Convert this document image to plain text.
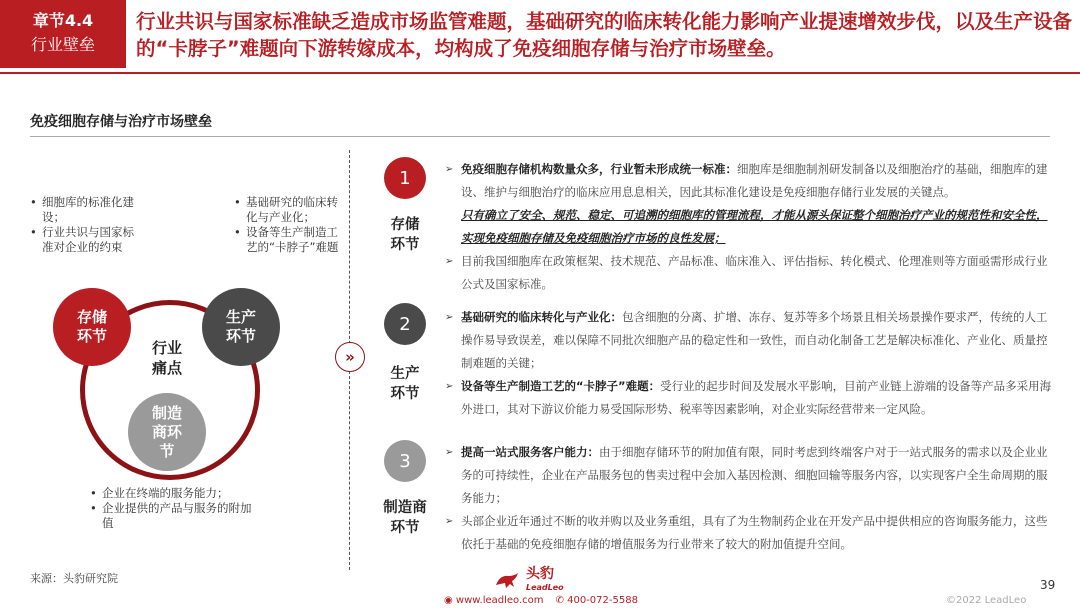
章节4.4
行业壁垒
行业共识与国家标准缺乏造成市场监管难题，基础研究的临床转化能力影响产业提速增效步伐，以及生产设备的“卡脖子”难题向下游转嫁成本，均构成了免疫细胞存储与治疗市场壁垒。
免疫细胞存储与治疗市场壁垒
• 细胞库的标准化建设；
• 行业共识与国家标准对企业的约束
• 基础研究的临床转化与产业化；
• 设备等生产制造工艺的“卡脖子”难题
• 企业在终端的服务能力；
• 企业提供的产品与服务的附加值
行业
痛点
存储
环节
生产
环节
制造
商环
节
»
1
存储
环节

➢ 免疫细胞存储机构数量众多，行业暂未形成统一标准：细胞库是细胞制剂研发制备以及细胞治疗的基础，细胞库的建设、维护与细胞治疗的临床应用息息相关，因此其标准化建设是免疫细胞存储行业发展的关键点。

只有确立了安全、规范、稳定、可追溯的细胞库的管理流程，才能从源头保证整个细胞治疗产业的规范性和安全性，实现免疫细胞存储及免疫细胞治疗市场的良性发展；

➢ 目前我国细胞库在政策框架、技术规范、产品标准、临床准入、评估指标、转化模式、伦理准则等方面亟需形成行业公式及国家标准。

2
生产
环节

➢ 基础研究的临床转化与产业化：包含细胞的分离、扩增、冻存、复苏等多个场景且相关场景操作要求严，传统的人工操作易导致误差，难以保障不同批次细胞产品的稳定性和一致性，而自动化制备工艺是解决标准化、产业化、质量控制难题的关键；

➢ 设备等生产制造工艺的“卡脖子”难题：受行业的起步时间及发展水平影响，目前产业链上游端的设备等产品多采用海外进口，其对下游议价能力易受国际形势、税率等因素影响，对企业实际经营带来一定风险。

3
制造商
环节

➢ 提高一站式服务客户能力：由于细胞存储环节的附加值有限，同时考虑到终端客户对于一站式服务的需求以及企业业务的可持续性，企业在产品服务包的售卖过程中会加入基因检测、细胞回输等服务内容，以实现客户全生命周期的服务能力；

➢ 头部企业近年通过不断的收并购以及业务重组，具有了为生物制药企业在开发产品中提供相应的咨询服务能力，这些依托于基础的免疫细胞存储的增值服务为行业带来了较大的附加值提升空间。

来源：头豹研究院	头豹
LeadLeo
◉ www.leadleo.com ✆ 400-072-5588
39
©2022 LeadLeo
